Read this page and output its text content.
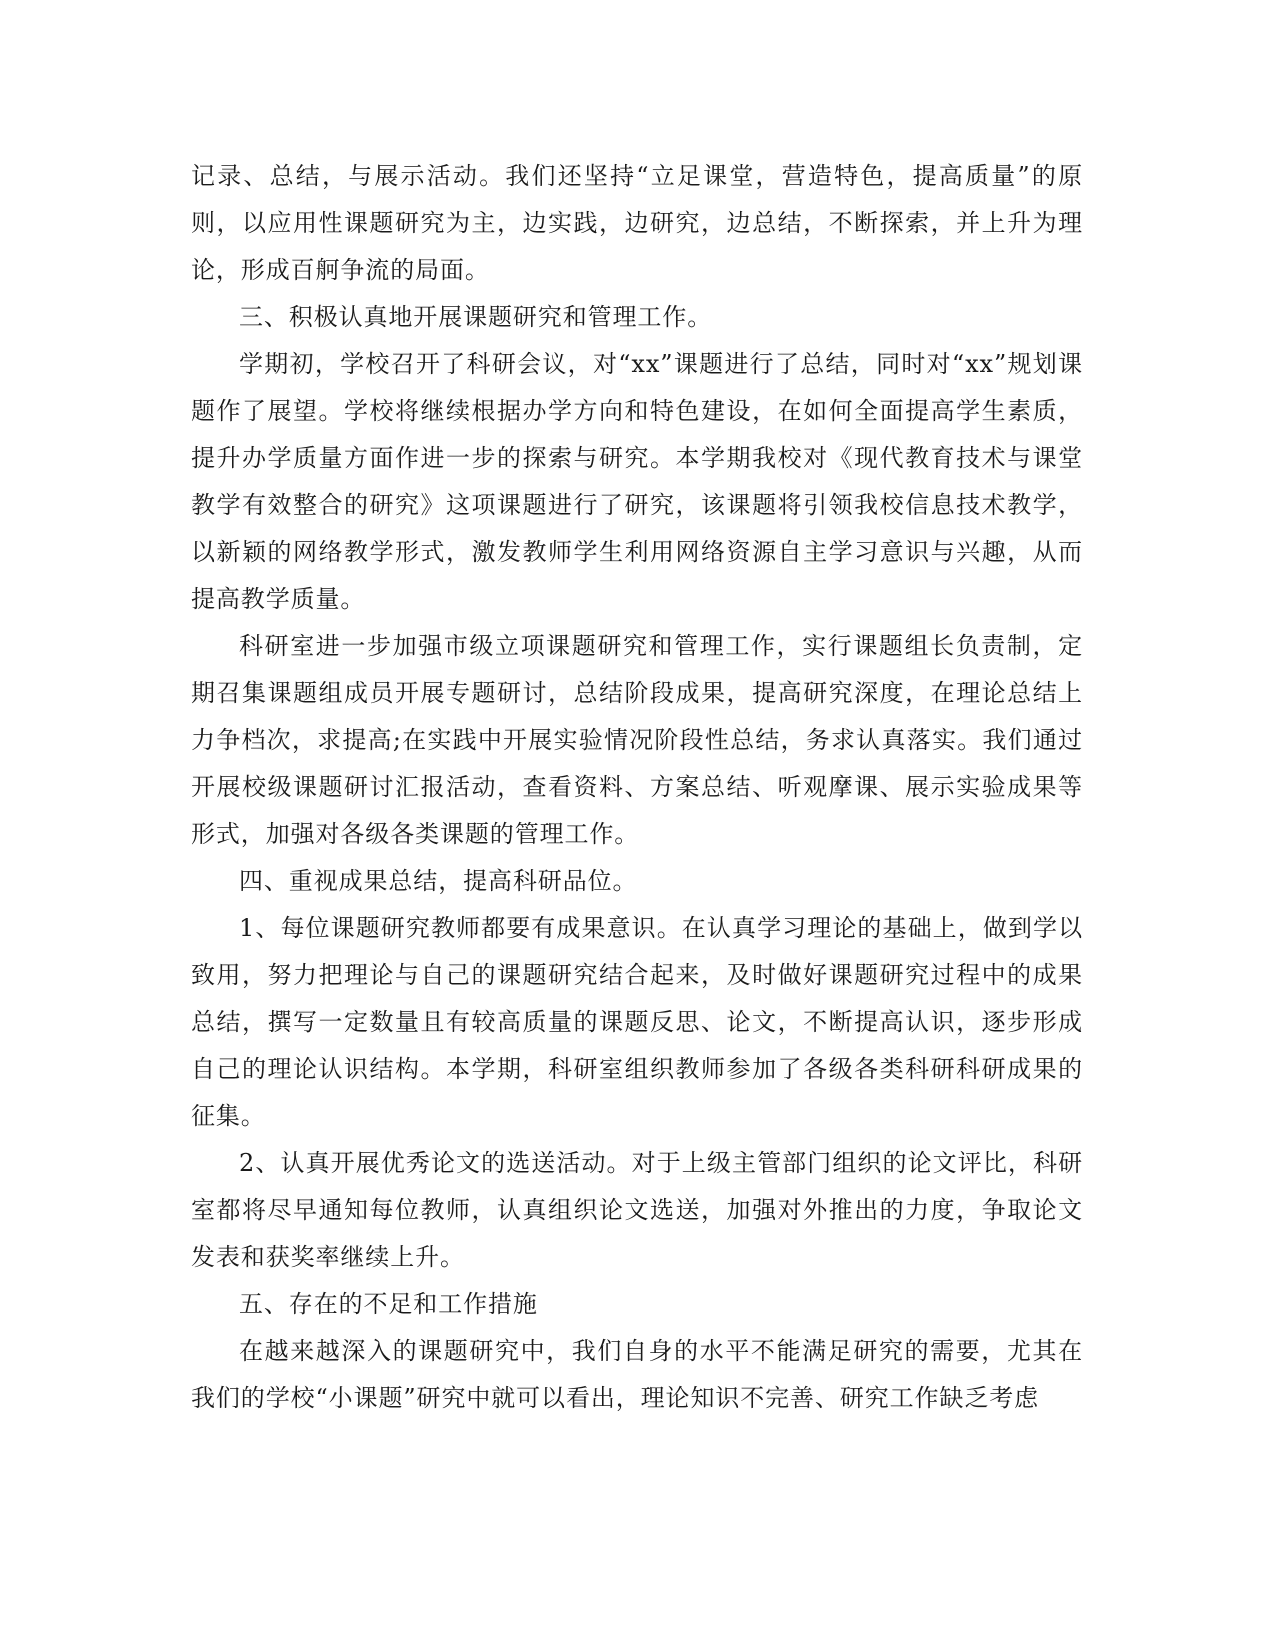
记录、总结，与展示活动。我们还坚持“立足课堂，营造特色，提高质量”的原则，以应用性课题研究为主，边实践，边研究，边总结，不断探索，并上升为理论，形成百舸争流的局面。

三、积极认真地开展课题研究和管理工作。

学期初，学校召开了科研会议，对“xx”课题进行了总结，同时对“xx”规划课题作了展望。学校将继续根据办学方向和特色建设，在如何全面提高学生素质，提升办学质量方面作进一步的探索与研究。本学期我校对《现代教育技术与课堂教学有效整合的研究》这项课题进行了研究，该课题将引领我校信息技术教学，以新颖的网络教学形式，激发教师学生利用网络资源自主学习意识与兴趣，从而提高教学质量。

科研室进一步加强市级立项课题研究和管理工作，实行课题组长负责制，定期召集课题组成员开展专题研讨，总结阶段成果，提高研究深度，在理论总结上力争档次，求提高;在实践中开展实验情况阶段性总结，务求认真落实。我们通过开展校级课题研讨汇报活动，查看资料、方案总结、听观摩课、展示实验成果等形式，加强对各级各类课题的管理工作。

四、重视成果总结，提高科研品位。

1、每位课题研究教师都要有成果意识。在认真学习理论的基础上，做到学以致用，努力把理论与自己的课题研究结合起来，及时做好课题研究过程中的成果总结，撰写一定数量且有较高质量的课题反思、论文，不断提高认识，逐步形成自己的理论认识结构。本学期，科研室组织教师参加了各级各类科研科研成果的征集。

2、认真开展优秀论文的选送活动。对于上级主管部门组织的论文评比，科研室都将尽早通知每位教师，认真组织论文选送，加强对外推出的力度，争取论文发表和获奖率继续上升。

五、存在的不足和工作措施

在越来越深入的课题研究中，我们自身的水平不能满足研究的需要，尤其在我们的学校“小课题”研究中就可以看出，理论知识不完善、研究工作缺乏考虑
